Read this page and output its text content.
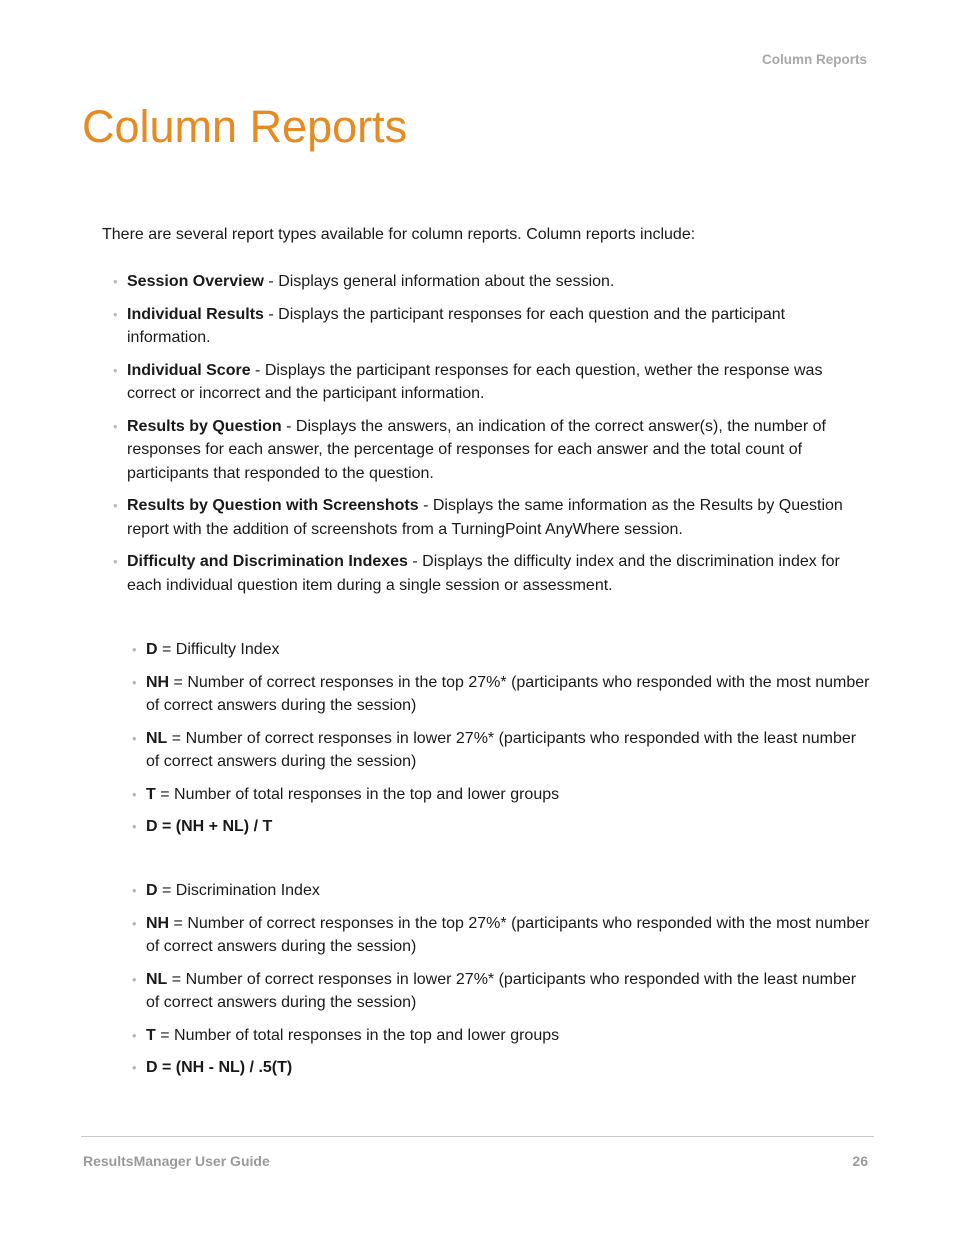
Column Reports
Column Reports

There are several report types available for column reports. Column reports include:

• Session Overview - Displays general information about the session.
• Individual Results - Displays the participant responses for each question and the participant information.
• Individual Score - Displays the participant responses for each question, wether the response was correct or incorrect and the participant information.
• Results by Question - Displays the answers, an indication of the correct answer(s), the number of responses for each answer, the percentage of responses for each answer and the total count of participants that responded to the question.
• Results by Question with Screenshots - Displays the same information as the Results by Question report with the addition of screenshots from a TurningPoint AnyWhere session.
• Difficulty and Discrimination Indexes - Displays the difficulty index and the discrimination index for each individual question item during a single session or assessment.
• D = Difficulty Index
• NH = Number of correct responses in the top 27%* (participants who responded with the most number of correct answers during the session)
• NL = Number of correct responses in lower 27%* (participants who responded with the least number of correct answers during the session)
• T = Number of total responses in the top and lower groups
• D = (NH + NL) / T
• D = Discrimination Index
• NH = Number of correct responses in the top 27%* (participants who responded with the most number of correct answers during the session)
• NL = Number of correct responses in lower 27%* (participants who responded with the least number of correct answers during the session)
• T = Number of total responses in the top and lower groups
• D = (NH - NL) / .5(T)
ResultsManager User Guide	26
